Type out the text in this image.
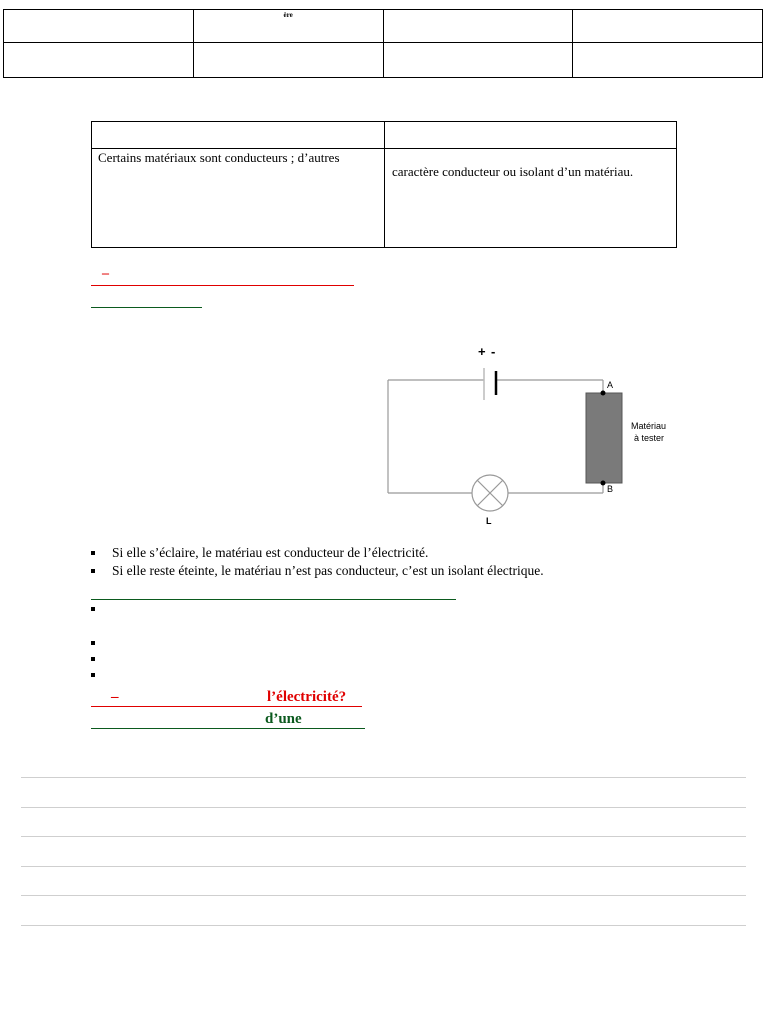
	ère		

Certains matériaux sont conducteurs ; d’autres	caractère conducteur ou isolant d’un matériau.
–
+ -
A
B
Matériau
à tester
L
Si elle s’éclaire, le matériau est conducteur de l’électricité.
Si elle reste éteinte, le matériau n’est pas conducteur, c’est un isolant électrique.
–	l’électricité?
d’une
